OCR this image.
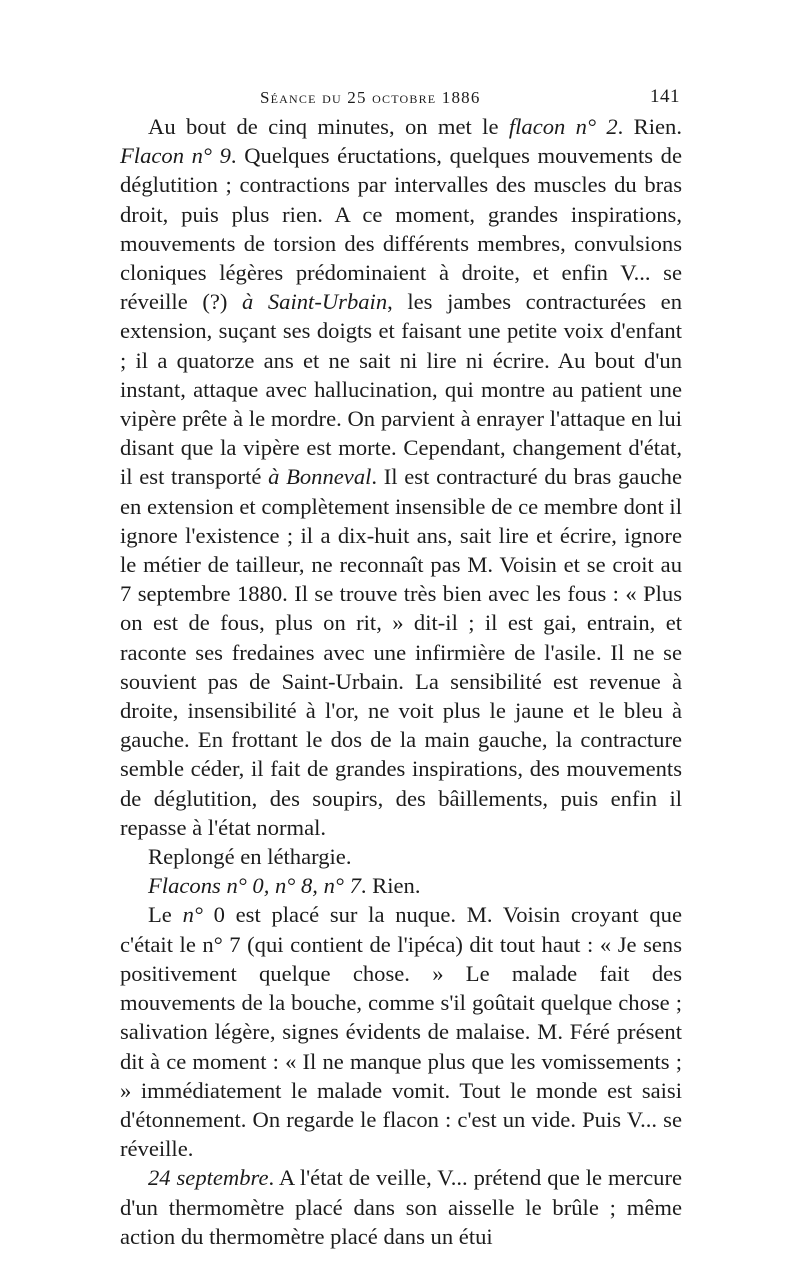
Séance du 25 octobre 1886	141

Au bout de cinq minutes, on met le flacon n° 2. Rien. Flacon n° 9. Quelques éructations, quelques mouvements de déglutition ; contractions par intervalles des muscles du bras droit, puis plus rien. A ce moment, grandes inspirations, mouvements de torsion des différents membres, convulsions cloniques légères prédominaient à droite, et enfin V... se réveille (?) à Saint-Urbain, les jambes contracturées en extension, suçant ses doigts et faisant une petite voix d'enfant ; il a quatorze ans et ne sait ni lire ni écrire. Au bout d'un instant, attaque avec hallucination, qui montre au patient une vipère prête à le mordre. On parvient à enrayer l'attaque en lui disant que la vipère est morte. Cependant, changement d'état, il est transporté à Bonneval. Il est contracturé du bras gauche en extension et complètement insensible de ce membre dont il ignore l'existence ; il a dix-huit ans, sait lire et écrire, ignore le métier de tailleur, ne reconnaît pas M. Voisin et se croit au 7 septembre 1880. Il se trouve très bien avec les fous : « Plus on est de fous, plus on rit, » dit-il ; il est gai, entrain, et raconte ses fredaines avec une infirmière de l'asile. Il ne se souvient pas de Saint-Urbain. La sensibilité est revenue à droite, insensibilité à l'or, ne voit plus le jaune et le bleu à gauche. En frottant le dos de la main gauche, la contracture semble céder, il fait de grandes inspirations, des mouvements de déglutition, des soupirs, des bâillements, puis enfin il repasse à l'état normal.

Replongé en léthargie.

Flacons n° 0, n° 8, n° 7. Rien.

Le n° 0 est placé sur la nuque. M. Voisin croyant que c'était le n° 7 (qui contient de l'ipéca) dit tout haut : « Je sens positivement quelque chose. » Le malade fait des mouvements de la bouche, comme s'il goûtait quelque chose ; salivation légère, signes évidents de malaise. M. Féré présent dit à ce moment : « Il ne manque plus que les vomissements ; » immédiatement le malade vomit. Tout le monde est saisi d'étonnement. On regarde le flacon : c'est un vide. Puis V... se réveille.

24 septembre. A l'état de veille, V... prétend que le mercure d'un thermomètre placé dans son aisselle le brûle ; même action du thermomètre placé dans un étui
